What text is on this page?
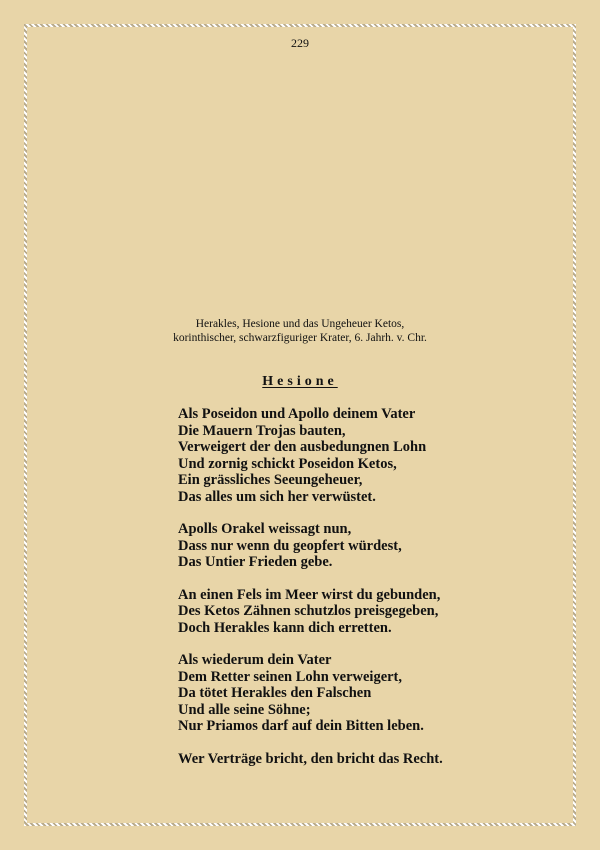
229
Herakles, Hesione und das Ungeheuer Ketos,
korinthischer, schwarzfiguriger Krater, 6. Jahrh. v. Chr.
Hesione
Als Poseidon und Apollo deinem Vater
Die Mauern Trojas bauten,
Verweigert der den ausbedungnen Lohn
Und zornig schickt Poseidon Ketos,
Ein grässliches Seeungeheuer,
Das alles um sich her verwüstet.
Apolls Orakel weissagt nun,
Dass nur wenn du geopfert würdest,
Das Untier Frieden gebe.
An einen Fels im Meer wirst du gebunden,
Des Ketos Zähnen schutzlos preisgegeben,
Doch Herakles kann dich erretten.
Als wiederum dein Vater
Dem Retter seinen Lohn verweigert,
Da tötet Herakles den Falschen
Und alle seine Söhne;
Nur Priamos darf auf dein Bitten leben.
Wer Verträge bricht, den bricht das Recht.
